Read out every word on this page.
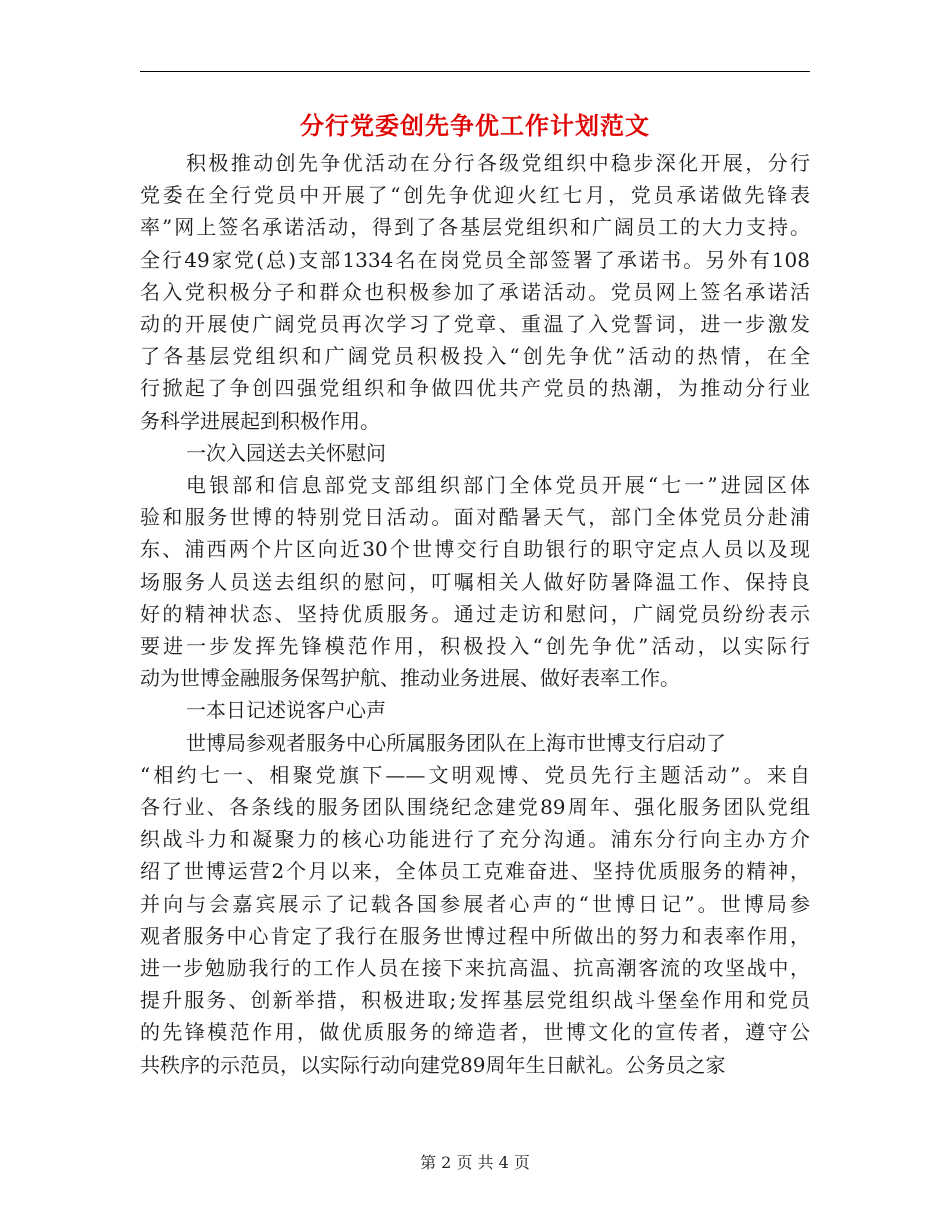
分行党委创先争优工作计划范文
积极推动创先争优活动在分行各级党组织中稳步深化开展，分行
党委在全行党员中开展了“创先争优迎火红七月，党员承诺做先锋表
率”网上签名承诺活动，得到了各基层党组织和广阔员工的大力支持。
全行49家党(总)支部1334名在岗党员全部签署了承诺书。另外有108
名入党积极分子和群众也积极参加了承诺活动。党员网上签名承诺活
动的开展使广阔党员再次学习了党章、重温了入党誓词，进一步激发
了各基层党组织和广阔党员积极投入“创先争优”活动的热情，在全
行掀起了争创四强党组织和争做四优共产党员的热潮，为推动分行业
务科学进展起到积极作用。
一次入园送去关怀慰问
电银部和信息部党支部组织部门全体党员开展“七一”进园区体
验和服务世博的特别党日活动。面对酷暑天气，部门全体党员分赴浦
东、浦西两个片区向近30个世博交行自助银行的职守定点人员以及现
场服务人员送去组织的慰问，叮嘱相关人做好防暑降温工作、保持良
好的精神状态、坚持优质服务。通过走访和慰问，广阔党员纷纷表示
要进一步发挥先锋模范作用，积极投入“创先争优”活动，以实际行
动为世博金融服务保驾护航、推动业务进展、做好表率工作。
一本日记述说客户心声
世博局参观者服务中心所属服务团队在上海市世博支行启动了
“相约七一、相聚党旗下——文明观博、党员先行主题活动”。来自
各行业、各条线的服务团队围绕纪念建党89周年、强化服务团队党组
织战斗力和凝聚力的核心功能进行了充分沟通。浦东分行向主办方介
绍了世博运营2个月以来，全体员工克难奋进、坚持优质服务的精神，
并向与会嘉宾展示了记载各国参展者心声的“世博日记”。世博局参
观者服务中心肯定了我行在服务世博过程中所做出的努力和表率作用，
进一步勉励我行的工作人员在接下来抗高温、抗高潮客流的攻坚战中，
提升服务、创新举措，积极进取;发挥基层党组织战斗堡垒作用和党员
的先锋模范作用，做优质服务的缔造者，世博文化的宣传者，遵守公
共秩序的示范员，以实际行动向建党89周年生日献礼。公务员之家
第 2 页 共 4 页
